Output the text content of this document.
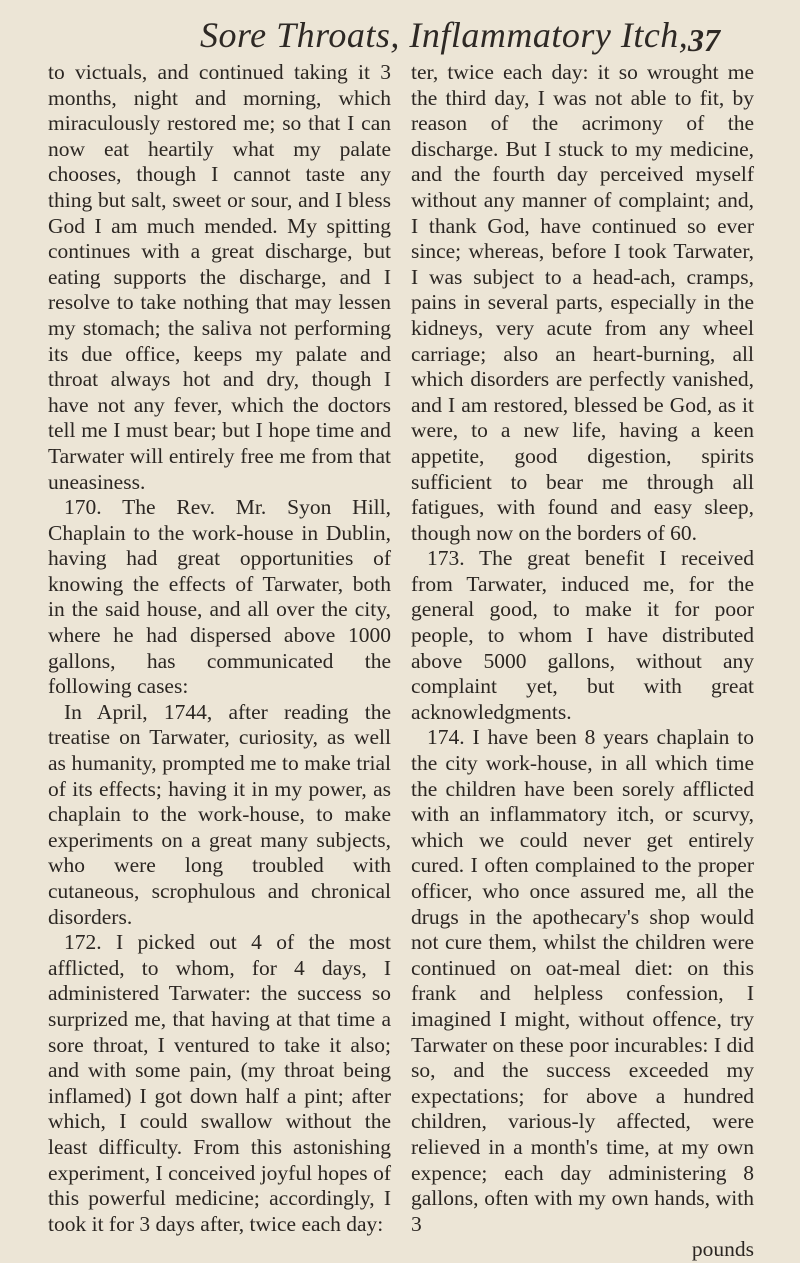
Sore Throats, Inflammatory Itch, 37

to victuals, and continued taking it 3 months, night and morning, which miraculously restored me; so that I can now eat heartily what my palate chooses, though I cannot taste any thing but salt, sweet or sour, and I bless God I am much mended. My spitting continues with a great discharge, but eating supports the discharge, and I resolve to take nothing that may lessen my stomach; the saliva not performing its due office, keeps my palate and throat always hot and dry, though I have not any fever, which the doctors tell me I must bear; but I hope time and Tarwater will entirely free me from that uneasiness.

170. The Rev. Mr. Syon Hill, Chaplain to the work-house in Dublin, having had great opportunities of knowing the effects of Tarwater, both in the said house, and all over the city, where he had dispersed above 1000 gallons, has communicated the following cases:

In April, 1744, after reading the treatise on Tarwater, curiosity, as well as humanity, prompted me to make trial of its effects; having it in my power, as chaplain to the work-house, to make experiments on a great many subjects, who were long troubled with cutaneous, scrophulous and chronical disorders.

172. I picked out 4 of the most afflicted, to whom, for 4 days, I administered Tarwater: the success so surprized me, that having at that time a sore throat, I ventured to take it also; and with some pain, (my throat being inflamed) I got down half a pint; after which, I could swallow without the least difficulty. From this astonishing experiment, I conceived joyful hopes of this powerful medicine; accordingly, I took it for 3 days after, twice each day:

ter, twice each day: it so wrought me the third day, I was not able to fit, by reason of the acrimony of the discharge. But I stuck to my medicine, and the fourth day perceived myself without any manner of complaint; and, I thank God, have continued so ever since; whereas, before I took Tarwater, I was subject to a head-ach, cramps, pains in several parts, especially in the kidneys, very acute from any wheel carriage; also an heart-burning, all which disorders are perfectly vanished, and I am restored, blessed be God, as it were, to a new life, having a keen appetite, good digestion, spirits sufficient to bear me through all fatigues, with found and easy sleep, though now on the borders of 60.

173. The great benefit I received from Tarwater, induced me, for the general good, to make it for poor people, to whom I have distributed above 5000 gallons, without any complaint yet, but with great acknowledgments.

174. I have been 8 years chaplain to the city work-house, in all which time the children have been sorely afflicted with an inflammatory itch, or scurvy, which we could never get entirely cured. I often complained to the proper officer, who once assured me, all the drugs in the apothecary's shop would not cure them, whilst the children were continued on oat-meal diet: on this frank and helpless confession, I imagined I might, without offence, try Tarwater on these poor incurables: I did so, and the success exceeded my expectations; for above a hundred children, various-ly affected, were relieved in a month's time, at my own expence; each day administering 8 gallons, often with my own hands, with 3

pounds
